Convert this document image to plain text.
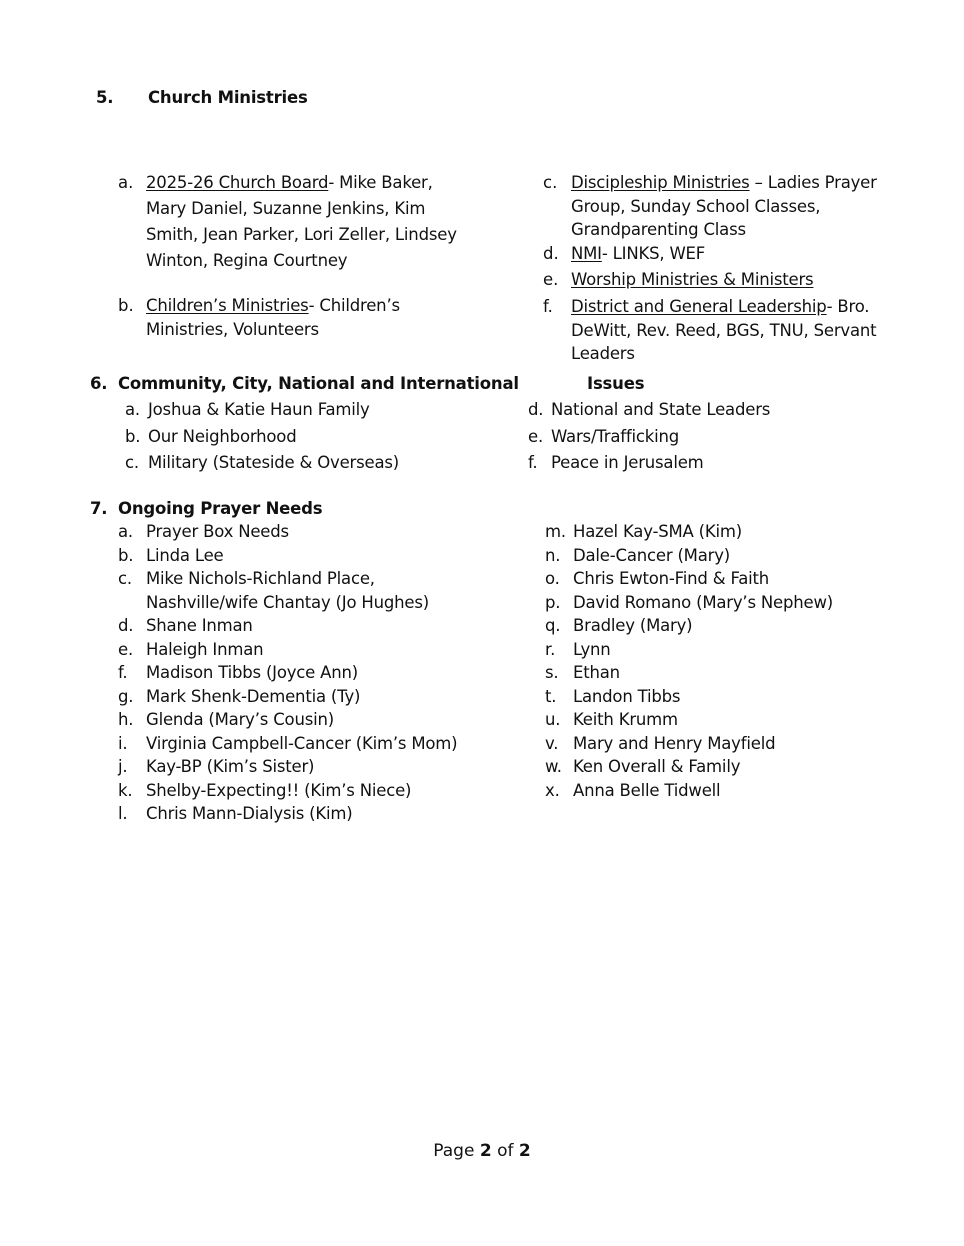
5. Church Ministries
a. 2025-26 Church Board- Mike Baker,
Mary Daniel, Suzanne Jenkins, Kim
Smith, Jean Parker, Lori Zeller, Lindsey
Winton, Regina Courtney
b. Children’s Ministries- Children’s
Ministries, Volunteers
c. Discipleship Ministries – Ladies Prayer
Group, Sunday School Classes,
Grandparenting Class
d. NMI- LINKS, WEF
e. Worship Ministries & Ministers
f. District and General Leadership- Bro.
DeWitt, Rev. Reed, BGS, TNU, Servant
Leaders
6. Community, City, National and International	Issues
a. Joshua & Katie Haun Family
b. Our Neighborhood
c. Military (Stateside & Overseas)
d. National and State Leaders
e. Wars/Trafficking
f. Peace in Jerusalem
7. Ongoing Prayer Needs
a. Prayer Box Needs
b. Linda Lee
c. Mike Nichols-Richland Place,
Nashville/wife Chantay (Jo Hughes)
d. Shane Inman
e. Haleigh Inman
f. Madison Tibbs (Joyce Ann)
g. Mark Shenk-Dementia (Ty)
h. Glenda (Mary’s Cousin)
i. Virginia Campbell-Cancer (Kim’s Mom)
j. Kay-BP (Kim’s Sister)
k. Shelby-Expecting!! (Kim’s Niece)
l. Chris Mann-Dialysis (Kim)
m. Hazel Kay-SMA (Kim)
n. Dale-Cancer (Mary)
o. Chris Ewton-Find & Faith
p. David Romano (Mary’s Nephew)
q. Bradley (Mary)
r. Lynn
s. Ethan
t. Landon Tibbs
u. Keith Krumm
v. Mary and Henry Mayfield
w. Ken Overall & Family
x. Anna Belle Tidwell
Page 2 of 2
